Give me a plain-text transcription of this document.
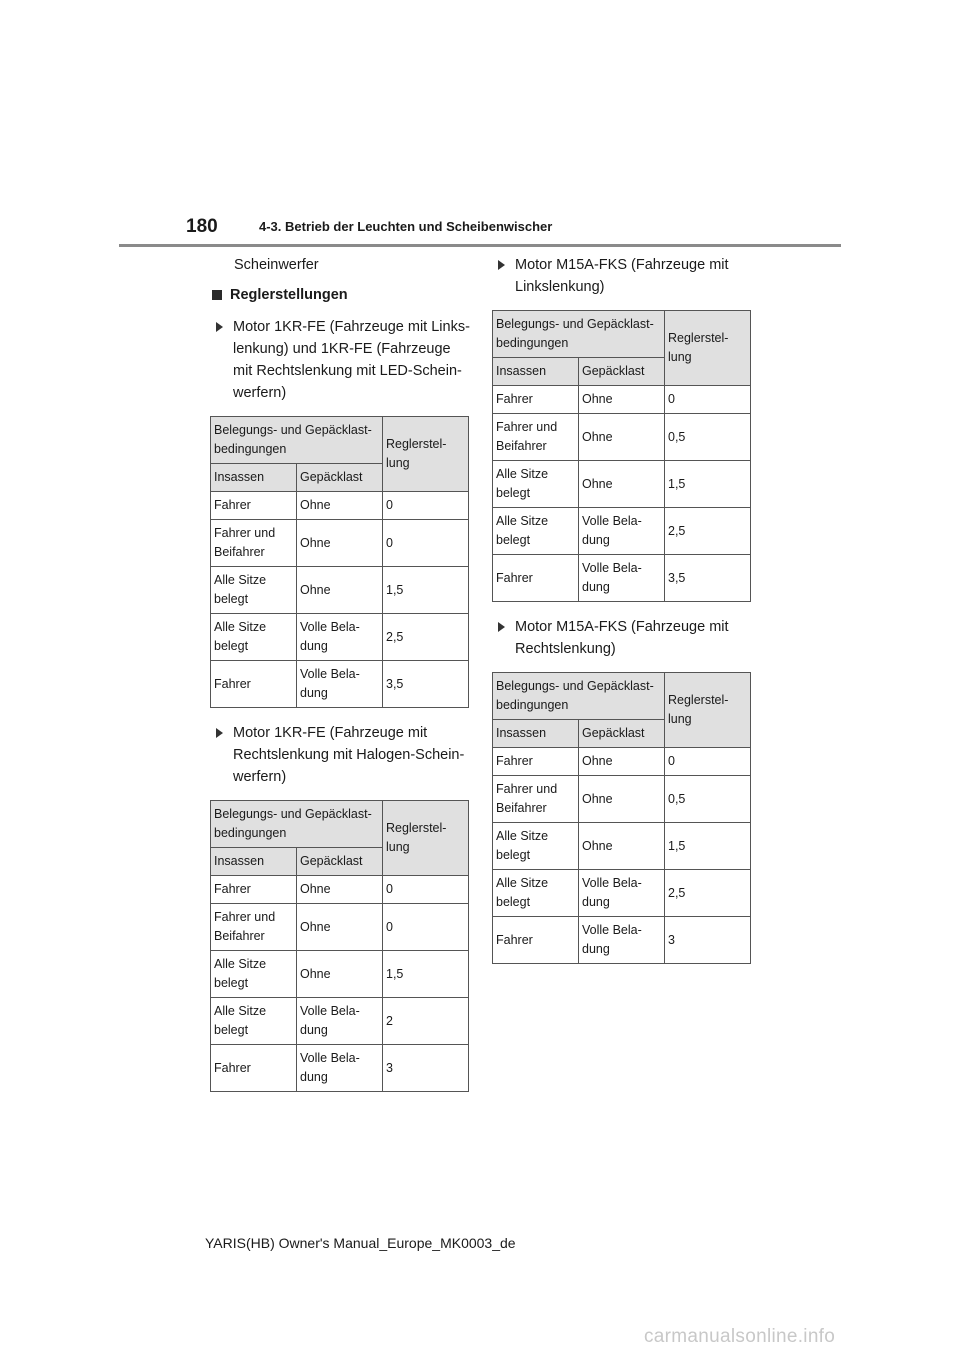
180	4-3. Betrieb der Leuchten und Scheibenwischer

Scheinwerfer

Reglerstellungen
Motor 1KR-FE (Fahrzeuge mit Links-
lenkung) und 1KR-FE (Fahrzeuge
mit Rechtslenkung mit LED-Schein-
werfern)
Belegungs- und Gepäcklast-
bedingungen		Reglerstel-
lung
Insassen	Gepäcklast	
Fahrer	Ohne	0
Fahrer und
Beifahrer	Ohne	0
Alle Sitze
belegt	Ohne	1,5
Alle Sitze
belegt	Volle Bela-
dung	2,5
Fahrer	Volle Bela-
dung	3,5
Motor 1KR-FE (Fahrzeuge mit
Rechtslenkung mit Halogen-Schein-
werfern)
Belegungs- und Gepäcklast-
bedingungen		Reglerstel-
lung
Insassen	Gepäcklast	
Fahrer	Ohne	0
Fahrer und
Beifahrer	Ohne	0
Alle Sitze
belegt	Ohne	1,5
Alle Sitze
belegt	Volle Bela-
dung	2
Fahrer	Volle Bela-
dung	3
Motor M15A-FKS (Fahrzeuge mit
Linkslenkung)
Belegungs- und Gepäcklast-
bedingungen		Reglerstel-
lung
Insassen	Gepäcklast	
Fahrer	Ohne	0
Fahrer und
Beifahrer	Ohne	0,5
Alle Sitze
belegt	Ohne	1,5
Alle Sitze
belegt	Volle Bela-
dung	2,5
Fahrer	Volle Bela-
dung	3,5
Motor M15A-FKS (Fahrzeuge mit
Rechtslenkung)
Belegungs- und Gepäcklast-
bedingungen		Reglerstel-
lung
Insassen	Gepäcklast	
Fahrer	Ohne	0
Fahrer und
Beifahrer	Ohne	0,5
Alle Sitze
belegt	Ohne	1,5
Alle Sitze
belegt	Volle Bela-
dung	2,5
Fahrer	Volle Bela-
dung	3
YARIS(HB) Owner's Manual_Europe_MK0003_de
carmanualsonline.info
